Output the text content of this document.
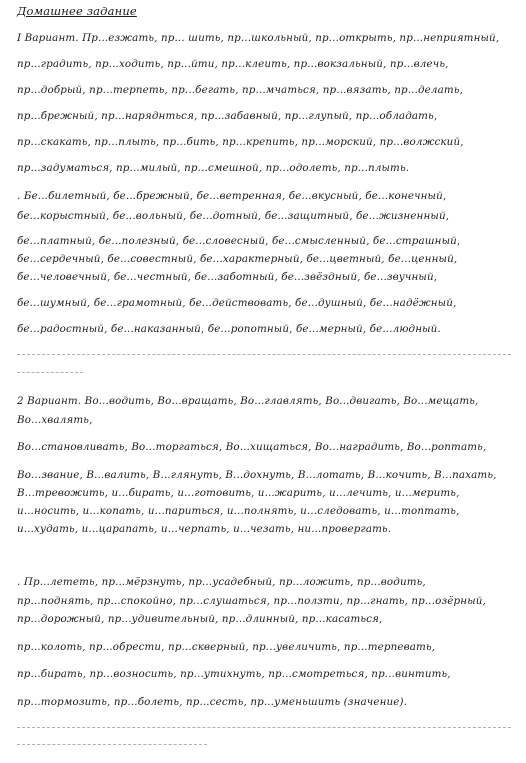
Домашнее задание
I Вариант. Пр...езжать, пр... шить, пр...школьный, пр...открыть, пр...неприятный,
пр...градить, пр...ходить, пр...йти, пр...клеить, пр...вокзальный, пр...влечь,
пр...добрый, пр...терпеть, пр...бегать, пр...мчаться, пр...вязать, пр...делать,
пр...брежный, пр...наряднться, пр...забавный, пр...глупый, пр...обладать,
пр...скакать, пр...плыть, пр...бить, пр...крепить, пр...морский, пр...волжский,
пр...задуматься, пр...милый, пр...смешной, пр...одолеть, пр...плыть.
. Бе...билетный, бе...брежный, бе...ветренная, бе...вкусный, бе...конечный,
бе...корыстный, бе...вольный, бе...дотный, бе...защитный, бе...жизненный,
бе...платный, бе...полезный, бе...словесный, бе...смысленный, бе...страшный,
бе...сердечный, бе...совестный, бе...характерный, бе...цветный, бе...ценный,
бе...человечный, бе...честный, бе...заботный, бе...звёздный, бе...звучный,
бе...шумный, бе...грамотный, бе...действовать, бе...душный, бе...надёжный,
бе...радостный, бе...наказанный, бе...ропотный, бе...мерный, бе...людный.
2 Вариант. Во...водить, Во...вращать, Во...главлять, Во...двигать, Во...мещать,
Во...хвалять,
Во...становливать, Во...торгаться, Во...хищаться, Во...наградить, Во...роптать,
Во...звание, В...валить, В...глянуть, В...дохнуть, В...лотать, В...кочить, В...пахать,
В...тревожить, и...бирать, и...готовить, и...жарить, и...лечить, и...мерить,
и...носить, и...копать, и...париться, и...полнять, и...следовать, и...топтать,
и...худать, и...царапать, и...черпать, и...чезать, ни...провергать.
. Пр...лететь, пр...мёрзнуть, пр...усадебный, пр...ложить, пр...водить,
пр...поднять, пр...спокойно, пр...слушаться, пр...ползти, пр...гнать, пр...озёрный,
пр...дорожный, пр...удивительный, пр...длинный, пр...касаться,
пр...колоть, пр...обрести, пр...скверный, пр...увеличить, пр...терпевать,
пр...бирать, пр...возносить, пр...утихнуть, пр...смотреться, пр...винтить,
пр...тормозить, пр...болеть, пр...сесть, пр...уменьшить (значение).
